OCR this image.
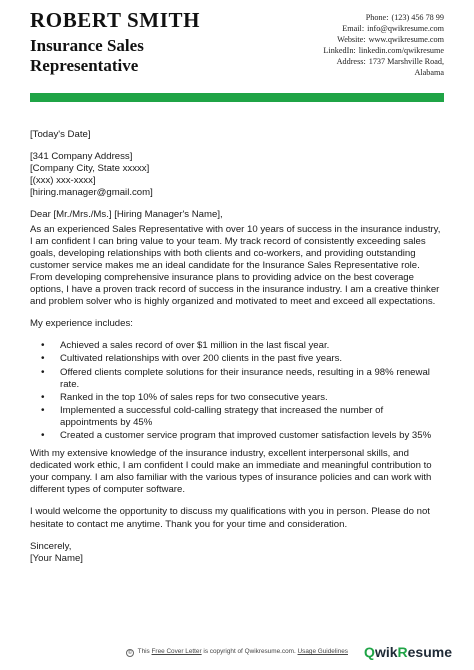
ROBERT SMITH
Insurance Sales Representative
Phone: (123) 456 78 99
Email: info@qwikresume.com
Website: www.qwikresume.com
LinkedIn: linkedin.com/qwikresume
Address: 1737 Marshville Road,
Alabama

[Today's Date]

[341 Company Address]
[Company City, State xxxxx]
[(xxx) xxx-xxxx]
[hiring.manager@gmail.com]

Dear [Mr./Mrs./Ms.] [Hiring Manager's Name],

As an experienced Sales Representative with over 10 years of success in the insurance industry, I am confident I can bring value to your team. My track record of consistently exceeding sales goals, developing relationships with both clients and co-workers, and providing outstanding customer service makes me an ideal candidate for the Insurance Sales Representative role. From developing comprehensive insurance plans to providing advice on the best coverage options, I have a proven track record of success in the insurance industry. I am a creative thinker and problem solver who is highly organized and motivated to meet and exceed all expectations.

My experience includes:

• Achieved a sales record of over $1 million in the last fiscal year.
• Cultivated relationships with over 200 clients in the past five years.
• Offered clients complete solutions for their insurance needs, resulting in a 98% renewal rate.
• Ranked in the top 10% of sales reps for two consecutive years.
• Implemented a successful cold-calling strategy that increased the number of appointments by 45%
• Created a customer service program that improved customer satisfaction levels by 35%

With my extensive knowledge of the insurance industry, excellent interpersonal skills, and dedicated work ethic, I am confident I could make an immediate and meaningful contribution to your company. I am also familiar with the various types of insurance policies and can work with different types of computer software.

I would welcome the opportunity to discuss my qualifications with you in person. Please do not hesitate to contact me anytime. Thank you for your time and consideration.

Sincerely,
[Your Name]

© This Free Cover Letter is copyright of Qwikresume.com. Usage Guidelines	QwikResume
